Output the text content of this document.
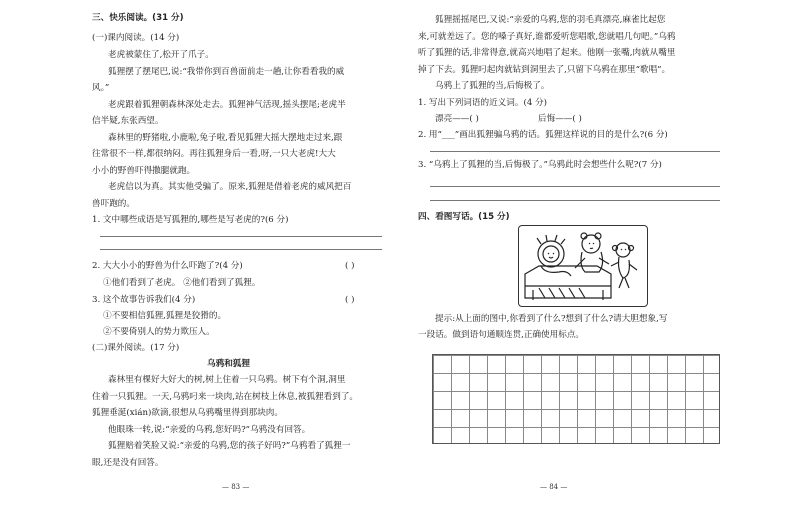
三、快乐阅读。(31 分)
(一)课内阅读。(14 分)
老虎被蒙住了,松开了爪子。
狐狸摆了摆尾巴,说:“我带你到百兽面前走一趟,让你看看我的威
风。”
老虎跟着狐狸朝森林深处走去。狐狸神气活现,摇头摆尾;老虎半
信半疑,东张西望。
森林里的野猪啦,小鹿啦,兔子啦,看见狐狸大摇大摆地走过来,跟
往常很不一样,都很纳闷。再往狐狸身后一看,呀,一只大老虎!大大
小小的野兽吓得撒腿就跑。
老虎信以为真。其实他受骗了。原来,狐狸是借着老虎的威风把百
兽吓跑的。
1. 文中哪些成语是写狐狸的,哪些是写老虎的?(6 分)
2. 大大小小的野兽为什么吓跑了?(4 分)	( )
①他们看到了老虎。 ②他们看到了狐狸。
3. 这个故事告诉我们(4 分)	( )
①不要相信狐狸,狐狸是狡猾的。
②不要倚别人的势力欺压人。
(二)课外阅读。(17 分)
乌鸦和狐狸
森林里有棵好大好大的树,树上住着一只乌鸦。树下有个洞,洞里
住着一只狐狸。一天,乌鸦叼来一块肉,站在树枝上休息,被狐狸看到了。
狐狸垂涎(xián)欲滴,很想从乌鸦嘴里得到那块肉。
他眼珠一转,说:“亲爱的乌鸦,您好吗?”乌鸦没有回答。
狐狸赔着笑脸又说:“亲爱的乌鸦,您的孩子好吗?”乌鸦看了狐狸一
眼,还是没有回答。
— 83 —
狐狸摇摇尾巴,又说:“亲爱的乌鸦,您的羽毛真漂亮,麻雀比起您
来,可就差远了。您的嗓子真好,谁都爱听您唱歌,您就唱几句吧。”乌鸦
听了狐狸的话,非常得意,就高兴地唱了起来。他刚一张嘴,肉就从嘴里
掉了下去。狐狸叼起肉就钻到洞里去了,只留下乌鸦在那里“歌唱”。
乌鸦上了狐狸的当,后悔极了。
1. 写出下列词语的近义词。(4 分)
漂亮——( )	后悔——( )
2. 用“___”画出狐狸骗乌鸦的话。狐狸这样说的目的是什么?(6 分)
3. “乌鸦上了狐狸的当,后悔极了。”乌鸦此时会想些什么呢?(7 分)
四、看图写话。(15 分)
提示:从上面的图中,你看到了什么?想到了什么?请大胆想象,写
一段话。做到语句通顺连贯,正确使用标点。
— 84 —
